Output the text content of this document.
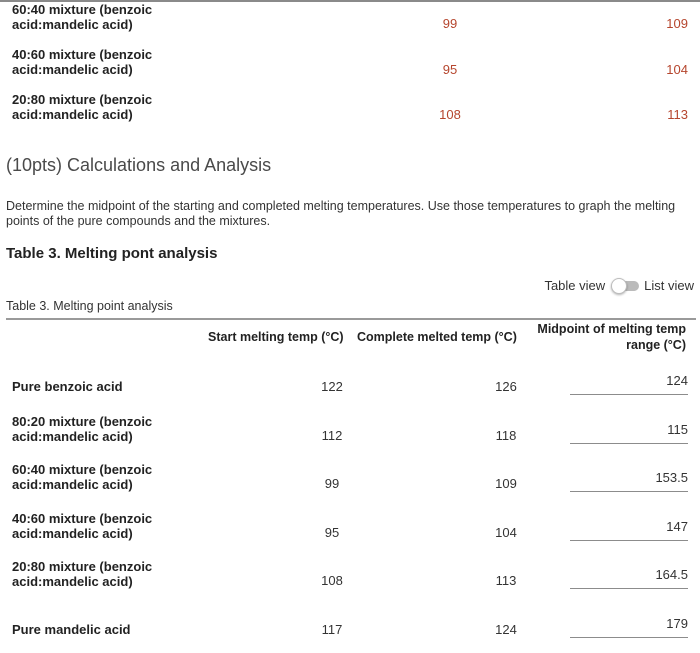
60:40 mixture (benzoic
acid:mandelic acid)	99	109
40:60 mixture (benzoic
acid:mandelic acid)	95	104
20:80 mixture (benzoic
acid:mandelic acid)	108	113
(10pts) Calculations and Analysis
Determine the midpoint of the starting and completed melting temperatures. Use those temperatures to graph the melting points of the pure compounds and the mixtures.
Table 3. Melting pont analysis
Table view	List view
Table 3. Melting point analysis
Start melting temp (°C) Complete melted temp (°C)
Midpoint of melting temp
range (°C)
Pure benzoic acid	122	126	124
80:20 mixture (benzoic
acid:mandelic acid)	112	118	115
60:40 mixture (benzoic
acid:mandelic acid)	99	109	153.5
40:60 mixture (benzoic
acid:mandelic acid)	95	104	147
20:80 mixture (benzoic
acid:mandelic acid)	108	113	164.5
Pure mandelic acid	117	124	179
